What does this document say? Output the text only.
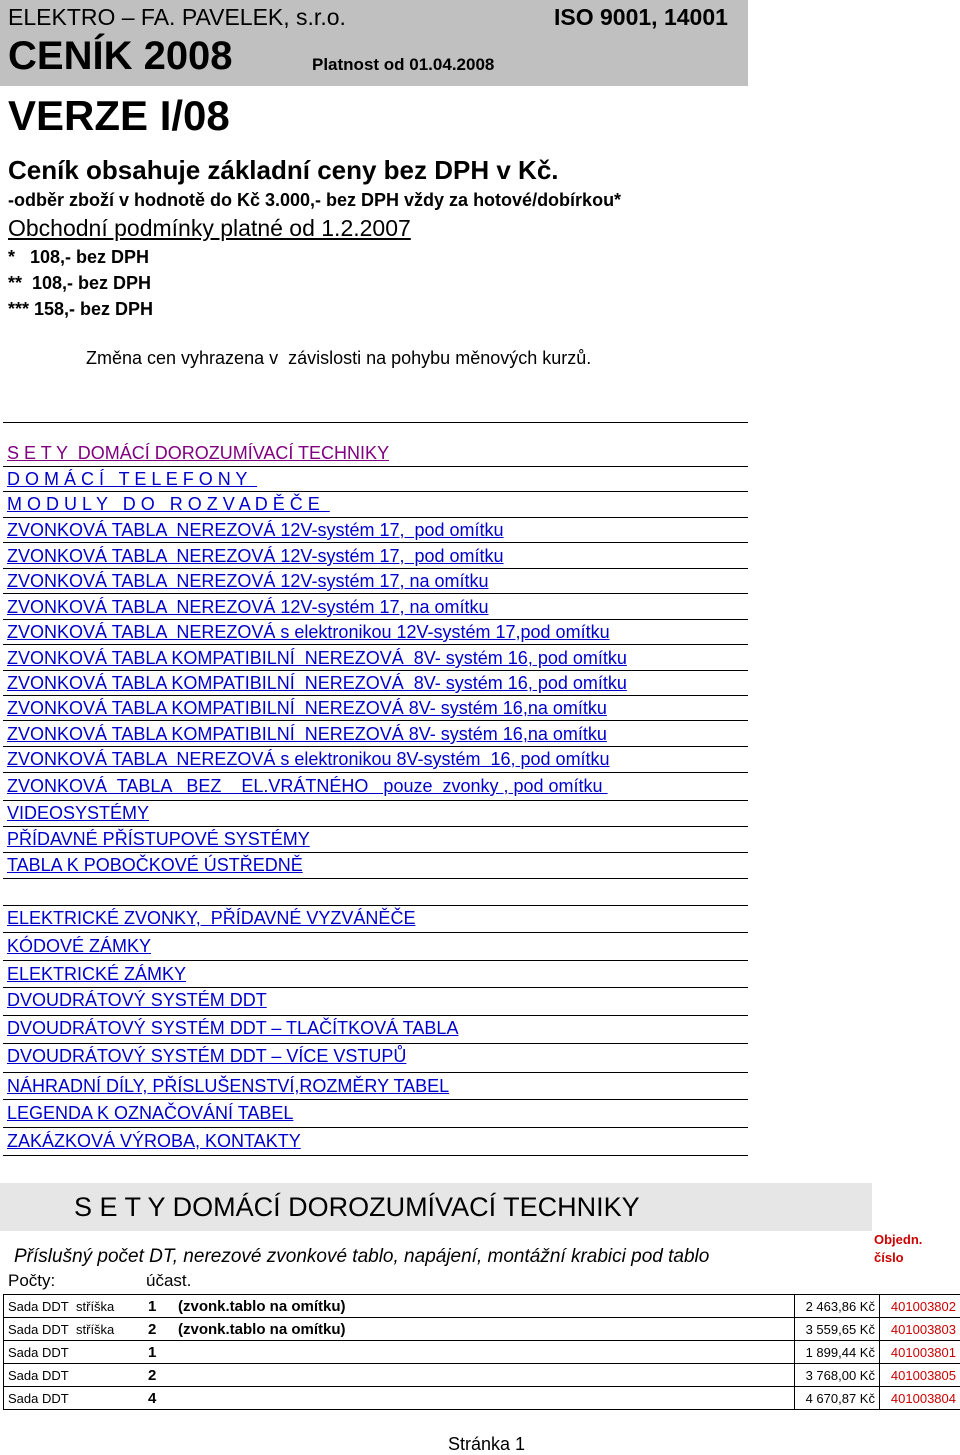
ELEKTRO – FA. PAVELEK, s.r.o.	ISO 9001, 14001
CENÍK 2008	Platnost od 01.04.2008
VERZE I/08
Ceník obsahuje základní ceny bez DPH v Kč.
-odběr zboží v hodnotě do Kč 3.000,- bez DPH vždy za hotové/dobírkou*
Obchodní podmínky platné od 1.2.2007
*   108,- bez DPH
**  108,- bez DPH
*** 158,- bez DPH
Změna cen vyhrazena v  závislosti na pohybu měnových kurzů.
S E T Y  DOMÁCÍ DOROZUMÍVACÍ TECHNIKY
D O M Á C Í   T E L E F O N Y
M O D U L Y   D O   R O Z V A D Ě Č E
ZVONKOVÁ TABLA  NEREZOVÁ 12V-systém 17,  pod omítku
ZVONKOVÁ TABLA  NEREZOVÁ 12V-systém 17,  pod omítku
ZVONKOVÁ TABLA  NEREZOVÁ 12V-systém 17, na omítku
ZVONKOVÁ TABLA  NEREZOVÁ 12V-systém 17, na omítku
ZVONKOVÁ TABLA  NEREZOVÁ s elektronikou 12V-systém 17,pod omítku
ZVONKOVÁ TABLA KOMPATIBILNÍ  NEREZOVÁ  8V- systém 16, pod omítku
ZVONKOVÁ TABLA KOMPATIBILNÍ  NEREZOVÁ  8V- systém 16, pod omítku
ZVONKOVÁ TABLA KOMPATIBILNÍ  NEREZOVÁ 8V- systém 16,na omítku
ZVONKOVÁ TABLA KOMPATIBILNÍ  NEREZOVÁ 8V- systém 16,na omítku
ZVONKOVÁ TABLA  NEREZOVÁ s elektronikou 8V-systém  16, pod omítku
ZVONKOVÁ  TABLA   BEZ    EL.VRÁTNÉHO   pouze  zvonky , pod omítku
VIDEOSYSTÉMY
PŘÍDAVNÉ PŘÍSTUPOVÉ SYSTÉMY
TABLA K POBOČKOVÉ ÚSTŘEDNĚ
ELEKTRICKÉ ZVONKY,  PŘÍDAVNÉ VYZVÁNĚČE
KÓDOVÉ ZÁMKY
ELEKTRICKÉ ZÁMKY
DVOUDRÁTOVÝ SYSTÉM DDT
DVOUDRÁTOVÝ SYSTÉM DDT – TLAČÍTKOVÁ TABLA
DVOUDRÁTOVÝ SYSTÉM DDT – VÍCE VSTUPŮ
NÁHRADNÍ DÍLY, PŘÍSLUŠENSTVÍ,ROZMĚRY TABEL
LEGENDA K OZNAČOVÁNÍ TABEL
ZAKÁZKOVÁ VÝROBA, KONTAKTY
S E T Y DOMÁCÍ DOROZUMÍVACÍ TECHNIKY
Objedn.
číslo
Příslušný počet DT, nerezové zvonkové tablo, napájení, montážní krabici pod tablo
Počty:	účast.
Sada DDT stříška 1 (zvonk.tablo na omítku)	2 463,86 Kč	401003802
Sada DDT stříška 2 (zvonk.tablo na omítku)	3 559,65 Kč	401003803
Sada DDT 1	1 899,44 Kč	401003801
Sada DDT 2	3 768,00 Kč	401003805
Sada DDT 4	4 670,87 Kč	401003804
Stránka 1
